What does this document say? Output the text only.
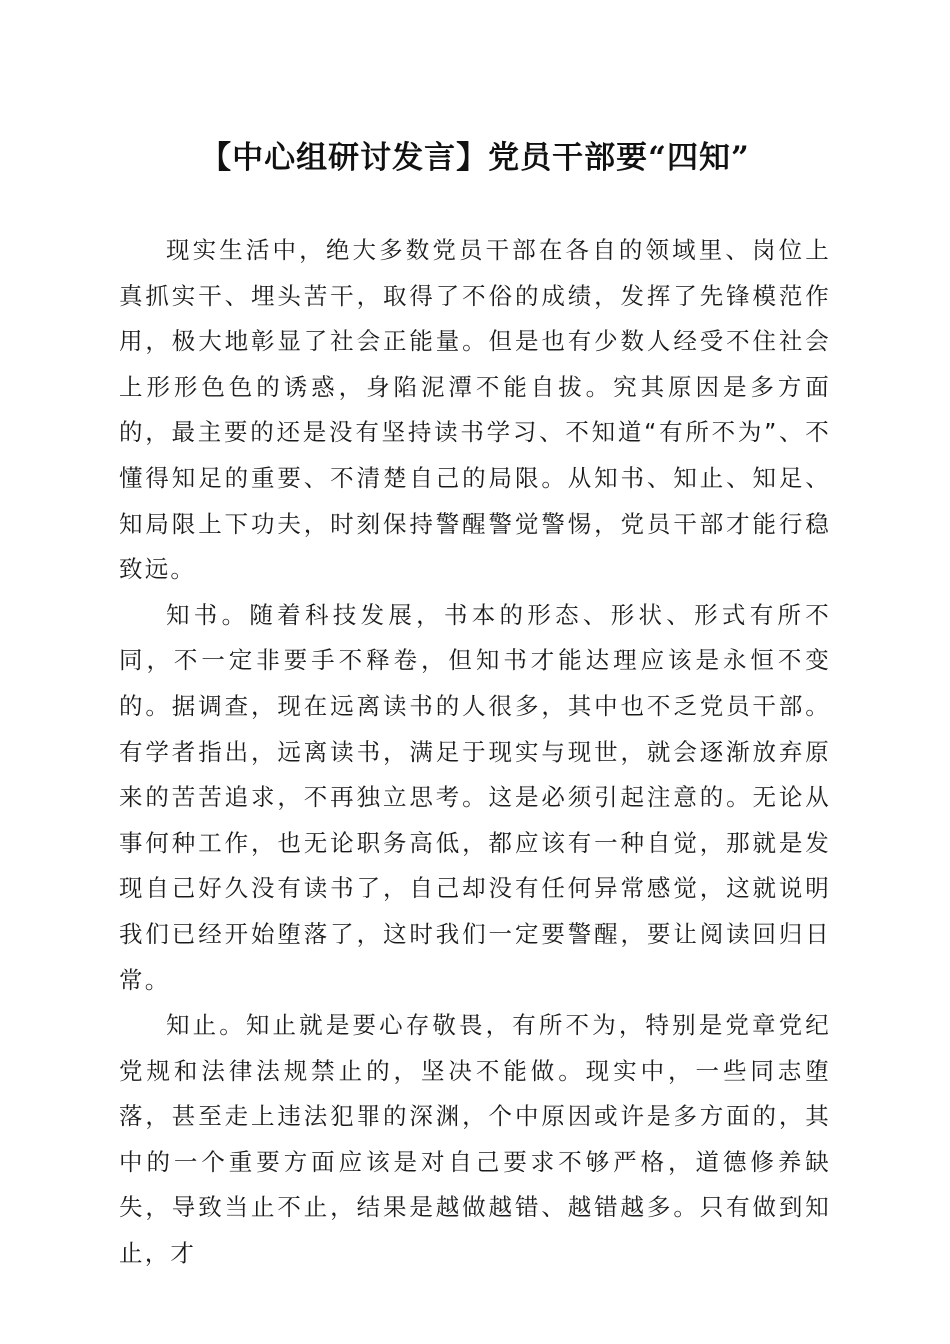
【中心组研讨发言】党员干部要“四知”

现实生活中，绝大多数党员干部在各自的领域里、岗位上真抓实干、埋头苦干，取得了不俗的成绩，发挥了先锋模范作用，极大地彰显了社会正能量。但是也有少数人经受不住社会上形形色色的诱惑，身陷泥潭不能自拔。究其原因是多方面的，最主要的还是没有坚持读书学习、不知道“有所不为”、不懂得知足的重要、不清楚自己的局限。从知书、知止、知足、知局限上下功夫，时刻保持警醒警觉警惕，党员干部才能行稳致远。

知书。随着科技发展，书本的形态、形状、形式有所不同，不一定非要手不释卷，但知书才能达理应该是永恒不变的。据调查，现在远离读书的人很多，其中也不乏党员干部。有学者指出，远离读书，满足于现实与现世，就会逐渐放弃原来的苦苦追求，不再独立思考。这是必须引起注意的。无论从事何种工作，也无论职务高低，都应该有一种自觉，那就是发现自己好久没有读书了，自己却没有任何异常感觉，这就说明我们已经开始堕落了，这时我们一定要警醒，要让阅读回归日常。

知止。知止就是要心存敬畏，有所不为，特别是党章党纪党规和法律法规禁止的，坚决不能做。现实中，一些同志堕落，甚至走上违法犯罪的深渊，个中原因或许是多方面的，其中的一个重要方面应该是对自己要求不够严格，道德修养缺失，导致当止不止，结果是越做越错、越错越多。只有做到知止，才
